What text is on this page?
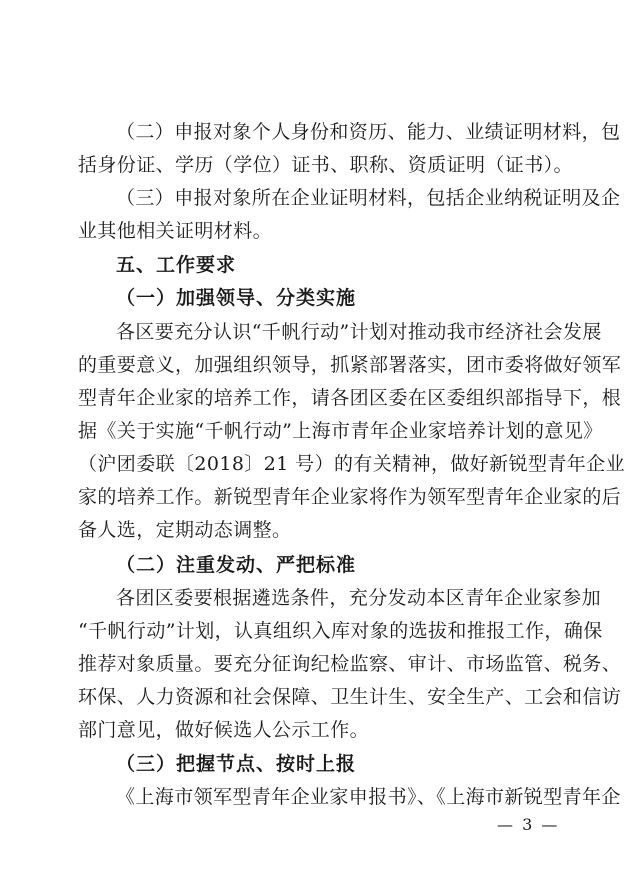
（二）申报对象个人身份和资历、能力、业绩证明材料，包
括身份证、学历（学位）证书、职称、资质证明（证书）。
（三）申报对象所在企业证明材料，包括企业纳税证明及企
业其他相关证明材料。
五、工作要求
（一）加强领导、分类实施
各区要充分认识“千帆行动”计划对推动我市经济社会发展
的重要意义，加强组织领导，抓紧部署落实，团市委将做好领军
型青年企业家的培养工作，请各团区委在区委组织部指导下，根
据《关于实施“千帆行动”上海市青年企业家培养计划的意见》
（沪团委联〔2018〕21 号）的有关精神，做好新锐型青年企业
家的培养工作。新锐型青年企业家将作为领军型青年企业家的后
备人选，定期动态调整。
（二）注重发动、严把标准
各团区委要根据遴选条件，充分发动本区青年企业家参加
“千帆行动”计划，认真组织入库对象的选拔和推报工作，确保
推荐对象质量。要充分征询纪检监察、审计、市场监管、税务、
环保、人力资源和社会保障、卫生计生、安全生产、工会和信访
部门意见，做好候选人公示工作。
（三）把握节点、按时上报
《上海市领军型青年企业家申报书》、《上海市新锐型青年企
— 3 —
